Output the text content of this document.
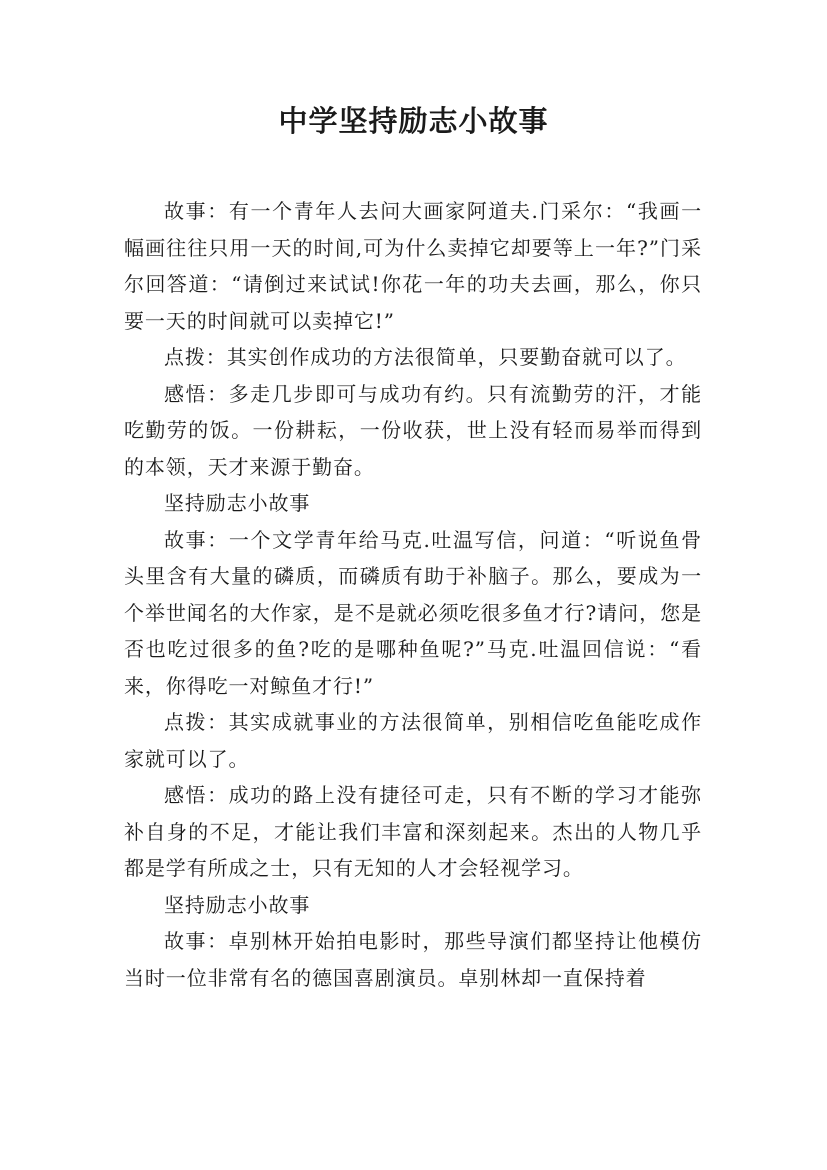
中学坚持励志小故事

故事：有一个青年人去问大画家阿道夫.门采尔：“我画一幅画往往只用一天的时间,可为什么卖掉它却要等上一年?”门采尔回答道：“请倒过来试试!你花一年的功夫去画，那么，你只要一天的时间就可以卖掉它!”

点拨：其实创作成功的方法很简单，只要勤奋就可以了。

感悟：多走几步即可与成功有约。只有流勤劳的汗，才能吃勤劳的饭。一份耕耘，一份收获，世上没有轻而易举而得到的本领，天才来源于勤奋。

坚持励志小故事

故事：一个文学青年给马克.吐温写信，问道：“听说鱼骨头里含有大量的磷质，而磷质有助于补脑子。那么，要成为一个举世闻名的大作家，是不是就必须吃很多鱼才行?请问，您是否也吃过很多的鱼?吃的是哪种鱼呢?”马克.吐温回信说：“看来，你得吃一对鲸鱼才行!”

点拨：其实成就事业的方法很简单，别相信吃鱼能吃成作家就可以了。

感悟：成功的路上没有捷径可走，只有不断的学习才能弥补自身的不足，才能让我们丰富和深刻起来。杰出的人物几乎都是学有所成之士，只有无知的人才会轻视学习。

坚持励志小故事

故事：卓别林开始拍电影时，那些导演们都坚持让他模仿当时一位非常有名的德国喜剧演员。卓别林却一直保持着
